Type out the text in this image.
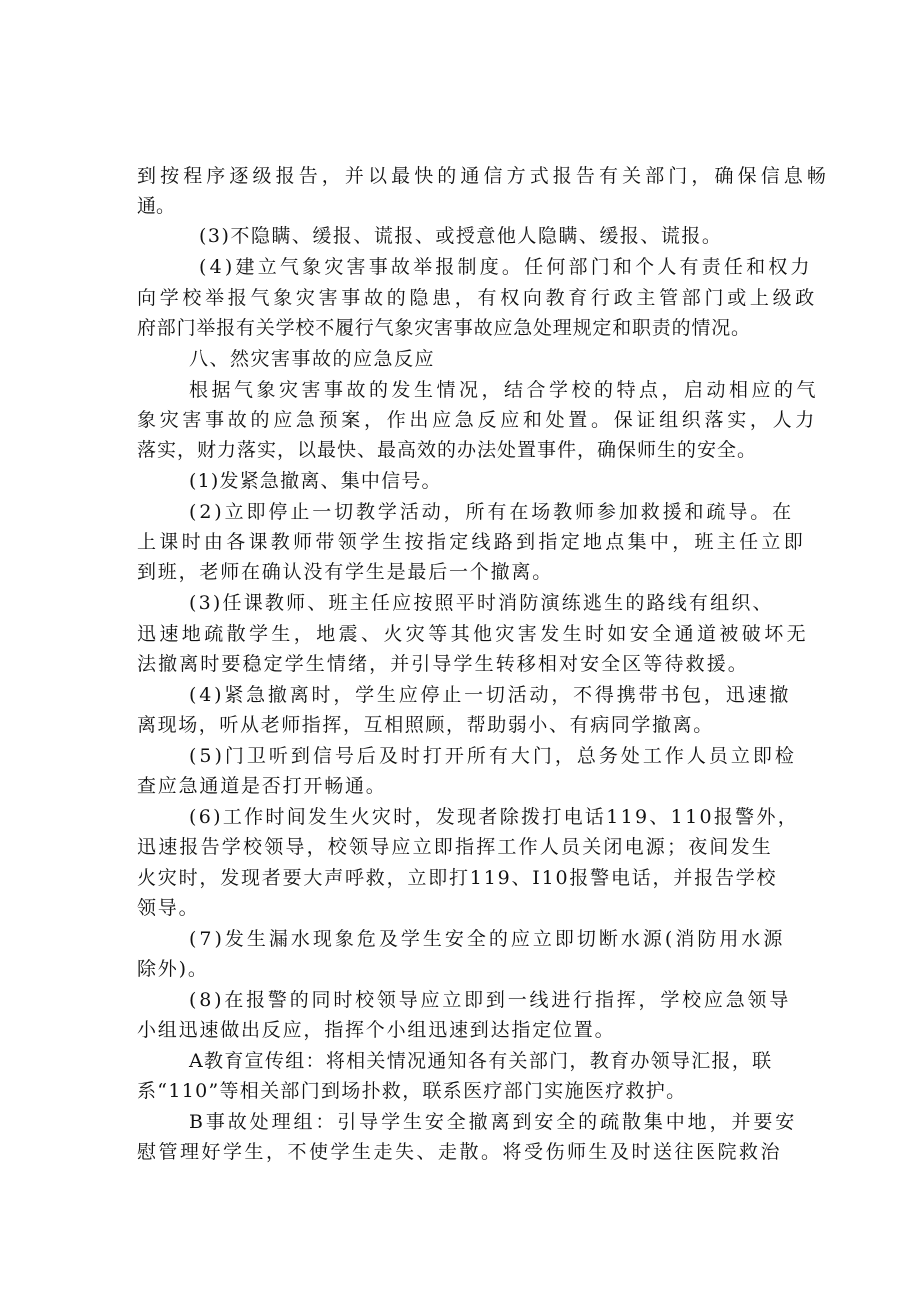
到按程序逐级报告，并以最快的通信方式报告有关部门，确保信息畅

通。

(3)不隐瞒、缓报、谎报、或授意他人隐瞒、缓报、谎报。

(4)建立气象灾害事故举报制度。任何部门和个人有责任和权力

向学校举报气象灾害事故的隐患，有权向教育行政主管部门或上级政

府部门举报有关学校不履行气象灾害事故应急处理规定和职责的情况。

八、然灾害事故的应急反应

根据气象灾害事故的发生情况，结合学校的特点，启动相应的气

象灾害事故的应急预案，作出应急反应和处置。保证组织落实，人力

落实，财力落实，以最快、最高效的办法处置事件，确保师生的安全。

(1)发紧急撤离、集中信号。

(2)立即停止一切教学活动，所有在场教师参加救援和疏导。在

上课时由各课教师带领学生按指定线路到指定地点集中，班主任立即

到班，老师在确认没有学生是最后一个撤离。

(3)任课教师、班主任应按照平时消防演练逃生的路线有组织、

迅速地疏散学生，地震、火灾等其他灾害发生时如安全通道被破坏无

法撤离时要稳定学生情绪，并引导学生转移相对安全区等待救援。

(4)紧急撤离时，学生应停止一切活动，不得携带书包，迅速撤

离现场，听从老师指挥，互相照顾，帮助弱小、有病同学撤离。

(5)门卫听到信号后及时打开所有大门，总务处工作人员立即检

查应急通道是否打开畅通。

(6)工作时间发生火灾时，发现者除拨打电话119、110报警外，

迅速报告学校领导，校领导应立即指挥工作人员关闭电源；夜间发生

火灾时，发现者要大声呼救，立即打119、I10报警电话，并报告学校

领导。

(7)发生漏水现象危及学生安全的应立即切断水源(消防用水源

除外)。

(8)在报警的同时校领导应立即到一线进行指挥，学校应急领导

小组迅速做出反应，指挥个小组迅速到达指定位置。

A教育宣传组：将相关情况通知各有关部门，教育办领导汇报，联

系“110”等相关部门到场扑救，联系医疗部门实施医疗救护。

B事故处理组：引导学生安全撤离到安全的疏散集中地，并要安

慰管理好学生，不使学生走失、走散。将受伤师生及时送往医院救治
